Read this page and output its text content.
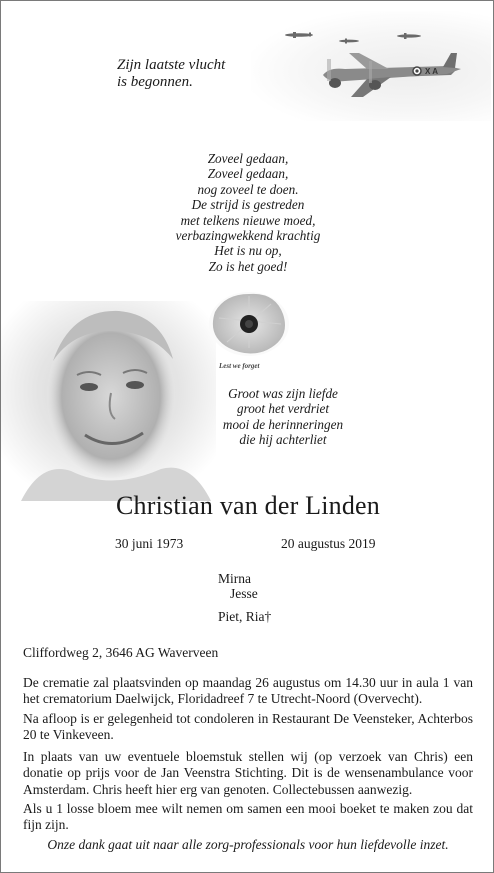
X A
Zijn laatste vlucht
is begonnen.
Zoveel gedaan,
Zoveel gedaan,
nog zoveel te doen.
De strijd is gestreden
met telkens nieuwe moed,
verbazingwekkend krachtig
Het is nu op,
Zo is het goed!
Lest we forget
Groot was zijn liefde
groot het verdriet
mooi de herinneringen
die hij achterliet
Christian van der Linden
30 juni 1973	20 augustus 2019
Mirna
Jesse
Piet, Ria†
Cliffordweg 2, 3646 AG Waverveen
De crematie zal plaatsvinden op maandag 26 augustus om 14.30 uur in aula 1 van het crematorium Daelwijck, Floridadreef 7 te Utrecht-Noord (Overvecht).
Na afloop is er gelegenheid tot condoleren in Restaurant De Veensteker, Achterbos 20 te Vinkeveen.
In plaats van uw eventuele bloemstuk stellen wij (op verzoek van Chris) een donatie op prijs voor de Jan Veenstra Stichting. Dit is de wensenambulance voor Amsterdam. Chris heeft hier erg van genoten. Collectebussen aanwezig.
Als u 1 losse bloem mee wilt nemen om samen een mooi boeket te maken zou dat fijn zijn.
Onze dank gaat uit naar alle zorg-professionals voor hun liefdevolle inzet.
